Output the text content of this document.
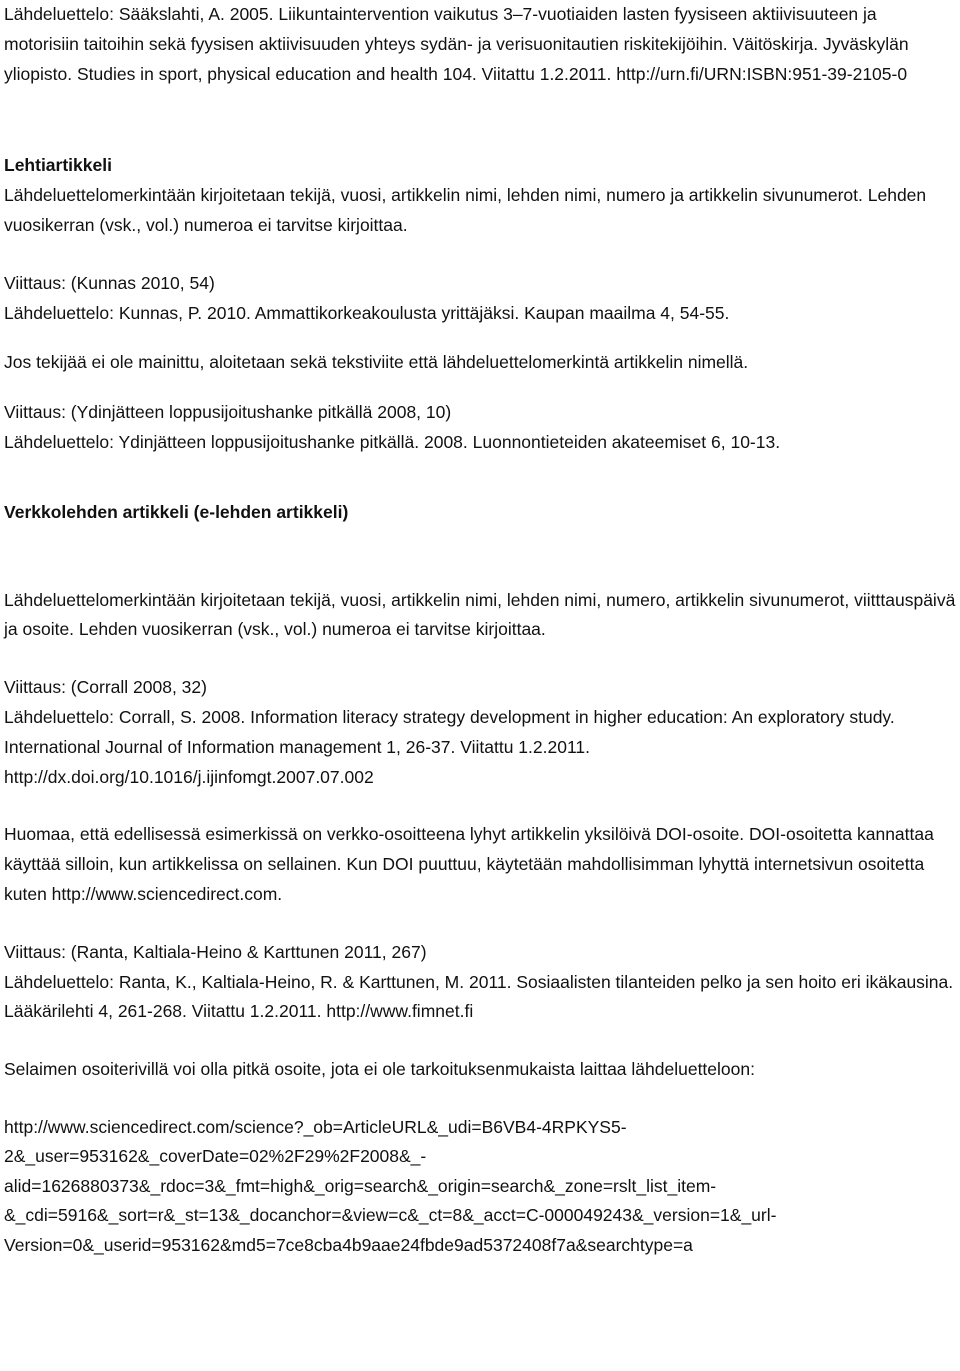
Lähdeluettelo: Sääkslahti, A. 2005. Liikuntaintervention vaikutus 3–7-vuotiaiden lasten fyysiseen aktiivisuuteen ja motorisiin taitoihin sekä fyysisen aktiivisuuden yhteys sydän- ja verisuonitautien riskitekijöihin. Väitöskirja. Jyväskylän yliopisto. Studies in sport, physical education and health 104. Viitattu 1.2.2011. http://urn.fi/URN:ISBN:951-39-2105-0

Lehtiartikkeli

Lähdeluettelomerkintään kirjoitetaan tekijä, vuosi, artikkelin nimi, lehden nimi, numero ja artikkelin sivunumerot. Lehden vuosikerran (vsk., vol.) numeroa ei tarvitse kirjoittaa.

Viittaus: (Kunnas 2010, 54)

Lähdeluettelo: Kunnas, P. 2010. Ammattikorkeakoulusta yrittäjäksi. Kaupan maailma 4, 54-55.

Jos tekijää ei ole mainittu, aloitetaan sekä tekstiviite että lähdeluettelomerkintä artikkelin nimellä.

Viittaus: (Ydinjätteen loppusijoitushanke pitkällä 2008, 10)

Lähdeluettelo: Ydinjätteen loppusijoitushanke pitkällä. 2008. Luonnontieteiden akateemiset 6, 10-13.

Verkkolehden artikkeli (e-lehden artikkeli)

Lähdeluettelomerkintään kirjoitetaan tekijä, vuosi, artikkelin nimi, lehden nimi, numero, artikkelin sivunumerot, viitttauspäivä ja osoite. Lehden vuosikerran (vsk., vol.) numeroa ei tarvitse kirjoittaa.

Viittaus: (Corrall 2008, 32)

Lähdeluettelo: Corrall, S. 2008. Information literacy strategy development in higher education: An exploratory study. International Journal of Information management 1, 26-37. Viitattu 1.2.2011. http://dx.doi.org/10.1016/j.ijinfomgt.2007.07.002

Huomaa, että edellisessä esimerkissä on verkko-osoitteena lyhyt artikkelin yksilöivä DOI-osoite. DOI-osoitetta kannattaa käyttää silloin, kun artikkelissa on sellainen. Kun DOI puuttuu, käytetään mahdollisimman lyhyttä internetsivun osoitetta kuten http://www.sciencedirect.com.

Viittaus: (Ranta, Kaltiala-Heino & Karttunen 2011, 267)

Lähdeluettelo: Ranta, K., Kaltiala-Heino, R. & Karttunen, M. 2011. Sosiaalisten tilanteiden pelko ja sen hoito eri ikäkausina. Lääkärilehti 4, 261-268. Viitattu 1.2.2011. http://www.fimnet.fi

Selaimen osoiterivillä voi olla pitkä osoite, jota ei ole tarkoituksenmukaista laittaa lähdeluetteloon:

http://www.sciencedirect.com/science?_ob=ArticleURL&_udi=B6VB4-4RPKYS5-

2&_user=953162&_coverDate=02%2F29%2F2008&_-

alid=1626880373&_rdoc=3&_fmt=high&_orig=search&_origin=search&_zone=rslt_list_item-

&_cdi=5916&_sort=r&_st=13&_docanchor=&view=c&_ct=8&_acct=C-000049243&_version=1&_url-

Version=0&_userid=953162&md5=7ce8cba4b9aae24fbde9ad5372408f7a&searchtype=a
